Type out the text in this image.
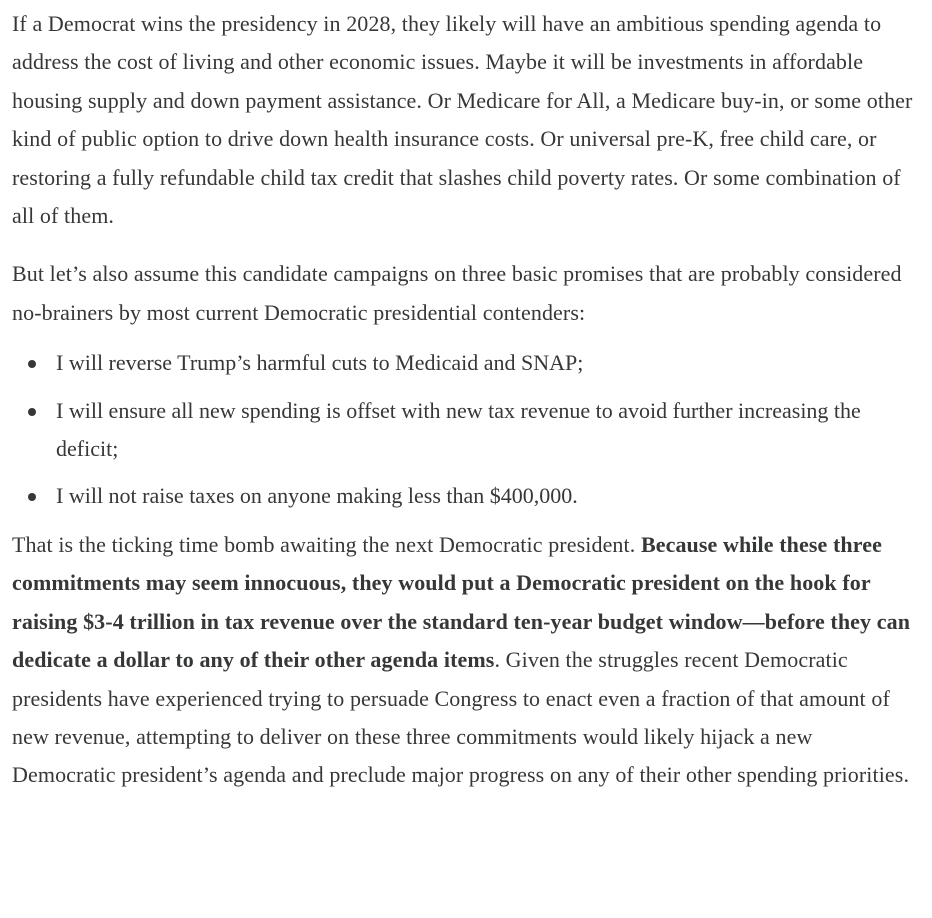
If a Democrat wins the presidency in 2028, they likely will have an ambitious spending agenda to address the cost of living and other economic issues. Maybe it will be investments in affordable housing supply and down payment assistance. Or Medicare for All, a Medicare buy-in, or some other kind of public option to drive down health insurance costs. Or universal pre-K, free child care, or restoring a fully refundable child tax credit that slashes child poverty rates. Or some combination of all of them.

But let’s also assume this candidate campaigns on three basic promises that are probably considered no-brainers by most current Democratic presidential contenders:

I will reverse Trump’s harmful cuts to Medicaid and SNAP;
I will ensure all new spending is offset with new tax revenue to avoid further increasing the deficit;
I will not raise taxes on anyone making less than $400,000.

That is the ticking time bomb awaiting the next Democratic president. Because while these three commitments may seem innocuous, they would put a Democratic president on the hook for raising $3-4 trillion in tax revenue over the standard ten-year budget window—before they can dedicate a dollar to any of their other agenda items. Given the struggles recent Democratic presidents have experienced trying to persuade Congress to enact even a fraction of that amount of new revenue, attempting to deliver on these three commitments would likely hijack a new Democratic president’s agenda and preclude major progress on any of their other spending priorities.
